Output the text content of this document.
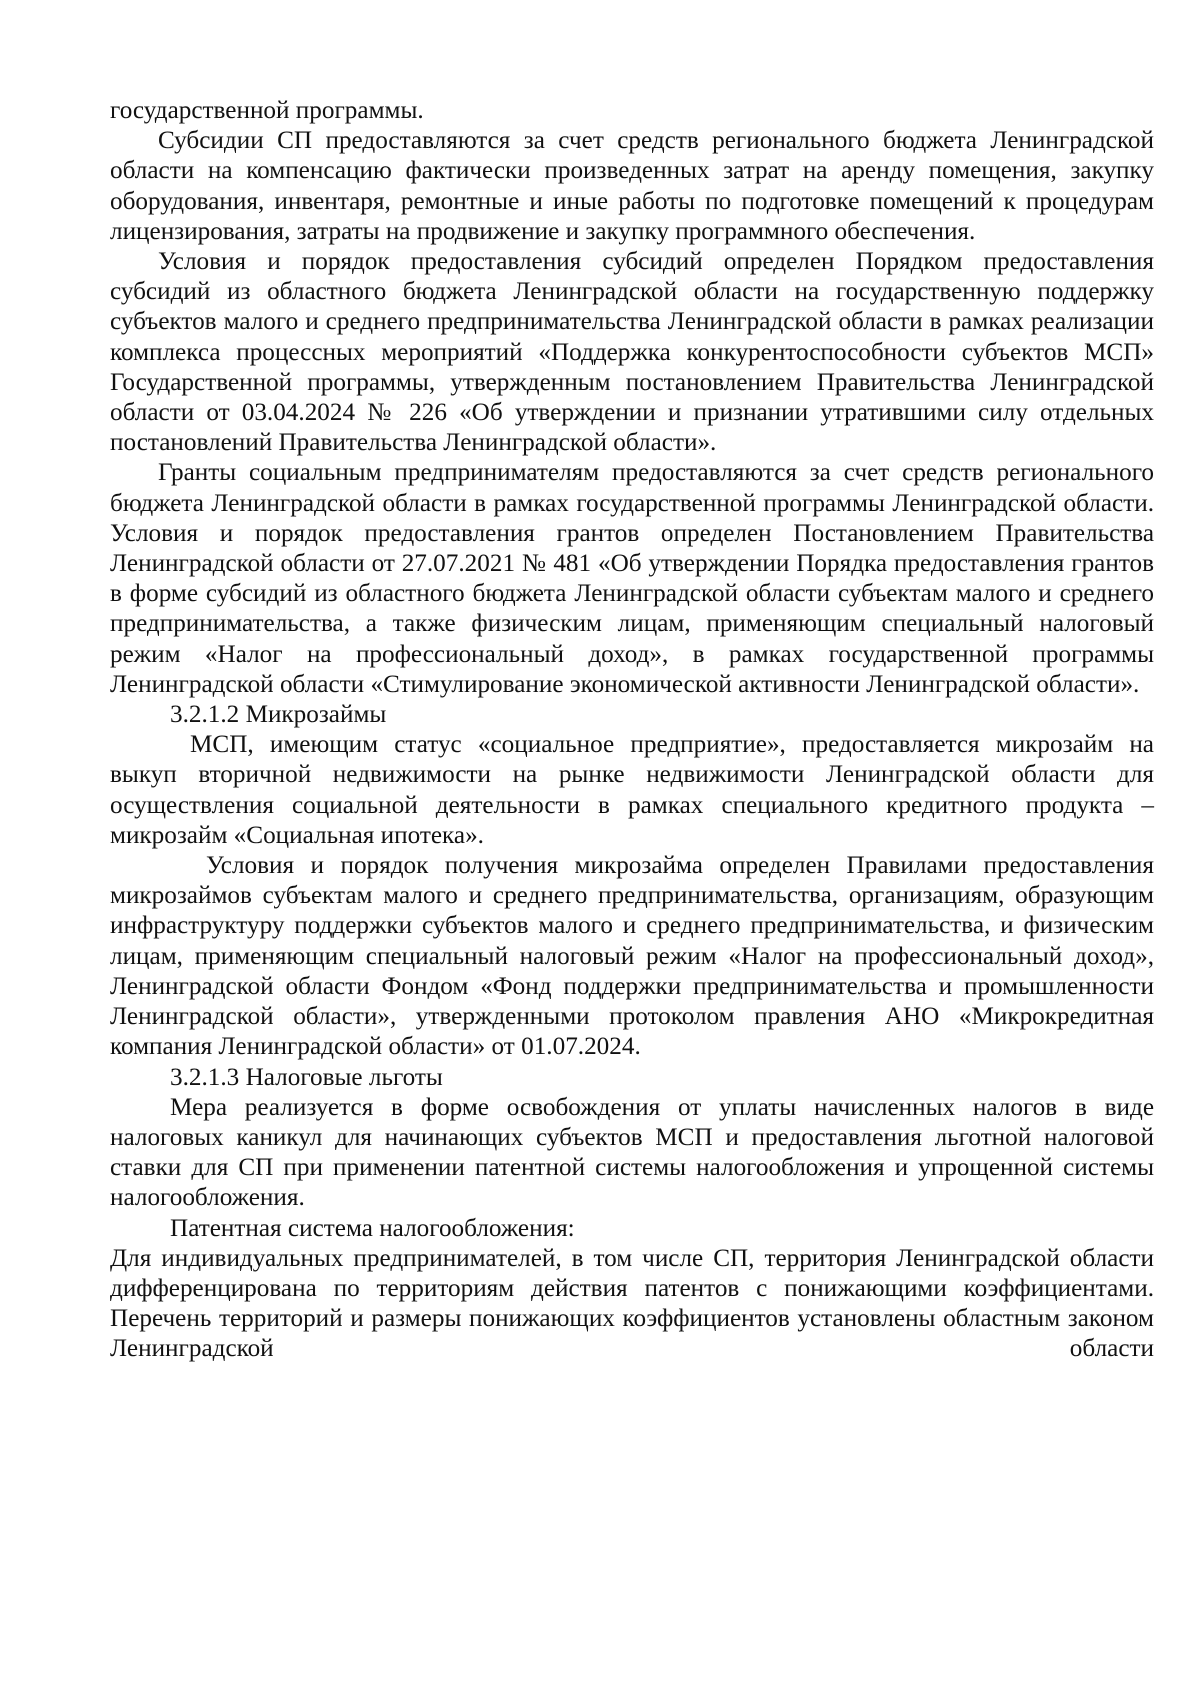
государственной программы.

Субсидии СП предоставляются за счет средств регионального бюджета Ленинградской области на компенсацию фактически произведенных затрат на аренду помещения, закупку оборудования, инвентаря, ремонтные и иные работы по подготовке помещений к процедурам лицензирования, затраты на продвижение и закупку программного обеспечения.

Условия и порядок предоставления субсидий определен Порядком предоставления субсидий из областного бюджета Ленинградской области на государственную поддержку субъектов малого и среднего предпринимательства Ленинградской области в рамках реализации комплекса процессных мероприятий «Поддержка конкурентоспособности субъектов МСП» Государственной программы, утвержденным постановлением Правительства Ленинградской области от 03.04.2024 № 226 «Об утверждении и признании утратившими силу отдельных постановлений Правительства Ленинградской области».

Гранты социальным предпринимателям предоставляются за счет средств регионального бюджета Ленинградской области в рамках государственной программы Ленинградской области. Условия и порядок предоставления грантов определен Постановлением Правительства Ленинградской области от 27.07.2021 № 481 «Об утверждении Порядка предоставления грантов в форме субсидий из областного бюджета Ленинградской области субъектам малого и среднего предпринимательства, а также физическим лицам, применяющим специальный налоговый режим «Налог на профессиональный доход», в рамках государственной программы Ленинградской области «Стимулирование экономической активности Ленинградской области».

3.2.1.2 Микрозаймы

МСП, имеющим статус «социальное предприятие», предоставляется микрозайм на выкуп вторичной недвижимости на рынке недвижимости Ленинградской области для осуществления социальной деятельности в рамках специального кредитного продукта – микрозайм «Социальная ипотека».

Условия и порядок получения микрозайма определен Правилами предоставления микрозаймов субъектам малого и среднего предпринимательства, организациям, образующим инфраструктуру поддержки субъектов малого и среднего предпринимательства, и физическим лицам, применяющим специальный налоговый режим «Налог на профессиональный доход», Ленинградской области Фондом «Фонд поддержки предпринимательства и промышленности Ленинградской области», утвержденными протоколом правления АНО «Микрокредитная компания Ленинградской области» от 01.07.2024.

3.2.1.3 Налоговые льготы

Мера реализуется в форме освобождения от уплаты начисленных налогов в виде налоговых каникул для начинающих субъектов МСП и предоставления льготной налоговой ставки для СП при применении патентной системы налогообложения и упрощенной системы налогообложения.

Патентная система налогообложения:

Для индивидуальных предпринимателей, в том числе СП, территория Ленинградской области дифференцирована по территориям действия патентов с понижающими коэффициентами. Перечень территорий и размеры понижающих коэффициентов установлены областным законом Ленинградской области
